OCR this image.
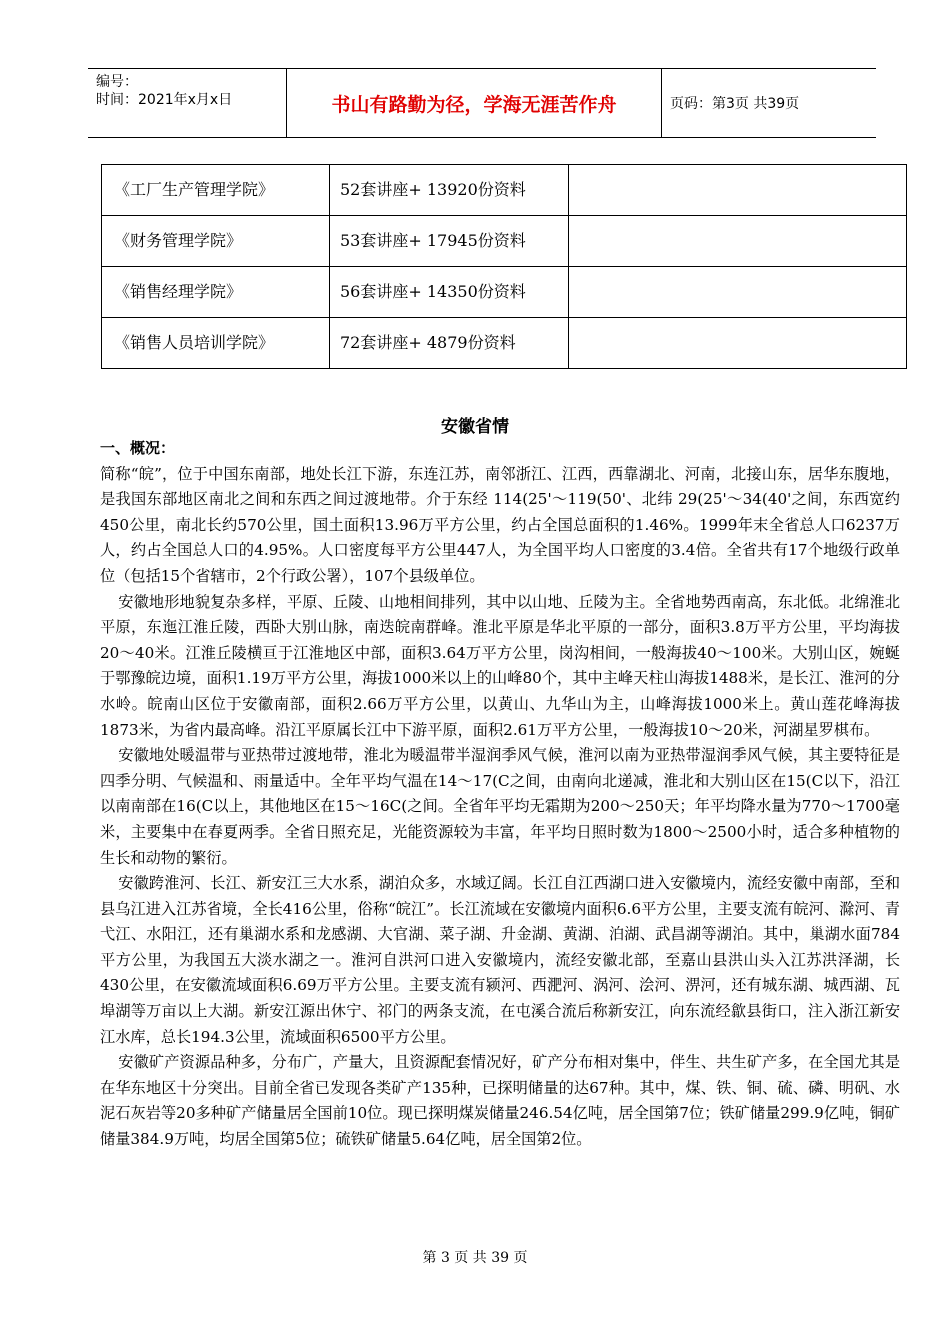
编号：
时间：2021年x月x日	书山有路勤为径，学海无涯苦作舟	页码：第3页 共39页
《工厂生产管理学院》	52套讲座+ 13920份资料	
《财务管理学院》	53套讲座+ 17945份资料	
《销售经理学院》	56套讲座+ 14350份资料	
《销售人员培训学院》	72套讲座+ 4879份资料	
安徽省情
一、概况：

简称“皖”，位于中国东南部，地处长江下游，东连江苏，南邻浙江、江西，西靠湖北、河南，北接山东，居华东腹地，是我国东部地区南北之间和东西之间过渡地带。介于东经 114(25'～119(50'、北纬 29(25'～34(40'之间，东西宽约450公里，南北长约570公里，国土面积13.96万平方公里，约占全国总面积的1.46%。1999年末全省总人口6237万人，约占全国总人口的4.95%。人口密度每平方公里447人，为全国平均人口密度的3.4倍。全省共有17个地级行政单位（包括15个省辖市，2个行政公署），107个县级单位。

安徽地形地貌复杂多样，平原、丘陵、山地相间排列，其中以山地、丘陵为主。全省地势西南高，东北低。北绵淮北平原，东迤江淮丘陵，西卧大别山脉，南迭皖南群峰。淮北平原是华北平原的一部分，面积3.8万平方公里，平均海拔20～40米。江淮丘陵横亘于江淮地区中部，面积3.64万平方公里，岗沟相间，一般海拔40～100米。大别山区，婉蜒于鄂豫皖边境，面积1.19万平方公里，海拔1000米以上的山峰80个，其中主峰天柱山海拔1488米，是长江、淮河的分水岭。皖南山区位于安徽南部，面积2.66万平方公里，以黄山、九华山为主，山峰海拔1000米上。黄山莲花峰海拔1873米，为省内最高峰。沿江平原属长江中下游平原，面积2.61万平方公里，一般海拔10～20米，河湖星罗棋布。

安徽地处暖温带与亚热带过渡地带，淮北为暖温带半湿润季风气候，淮河以南为亚热带湿润季风气候，其主要特征是四季分明、气候温和、雨量适中。全年平均气温在14～17(C之间，由南向北递减，淮北和大别山区在15(C以下，沿江以南南部在16(C以上，其他地区在15～16C(之间。全省年平均无霜期为200～250天；年平均降水量为770～1700毫米，主要集中在春夏两季。全省日照充足，光能资源较为丰富，年平均日照时数为1800～2500小时，适合多种植物的生长和动物的繁衍。

安徽跨淮河、长江、新安江三大水系，湖泊众多，水域辽阔。长江自江西湖口进入安徽境内，流经安徽中南部，至和县乌江进入江苏省境，全长416公里，俗称“皖江”。长江流域在安徽境内面积6.6平方公里，主要支流有皖河、滁河、青弋江、水阳江，还有巢湖水系和龙感湖、大官湖、菜子湖、升金湖、黄湖、泊湖、武昌湖等湖泊。其中，巢湖水面784平方公里，为我国五大淡水湖之一。淮河自洪河口进入安徽境内，流经安徽北部，至嘉山县洪山头入江苏洪泽湖，长430公里，在安徽流域面积6.69万平方公里。主要支流有颍河、西淝河、涡河、浍河、淠河，还有城东湖、城西湖、瓦埠湖等万亩以上大湖。新安江源出休宁、祁门的两条支流，在屯溪合流后称新安江，向东流经歙县街口，注入浙江新安江水库，总长194.3公里，流域面积6500平方公里。

安徽矿产资源品种多，分布广，产量大，且资源配套情况好，矿产分布相对集中，伴生、共生矿产多，在全国尤其是在华东地区十分突出。目前全省已发现各类矿产135种，已探明储量的达67种。其中，煤、铁、铜、硫、磷、明矾、水泥石灰岩等20多种矿产储量居全国前10位。现已探明煤炭储量246.54亿吨，居全国第7位；铁矿储量299.9亿吨，铜矿储量384.9万吨，均居全国第5位；硫铁矿储量5.64亿吨，居全国第2位。

第 3 页 共 39 页
